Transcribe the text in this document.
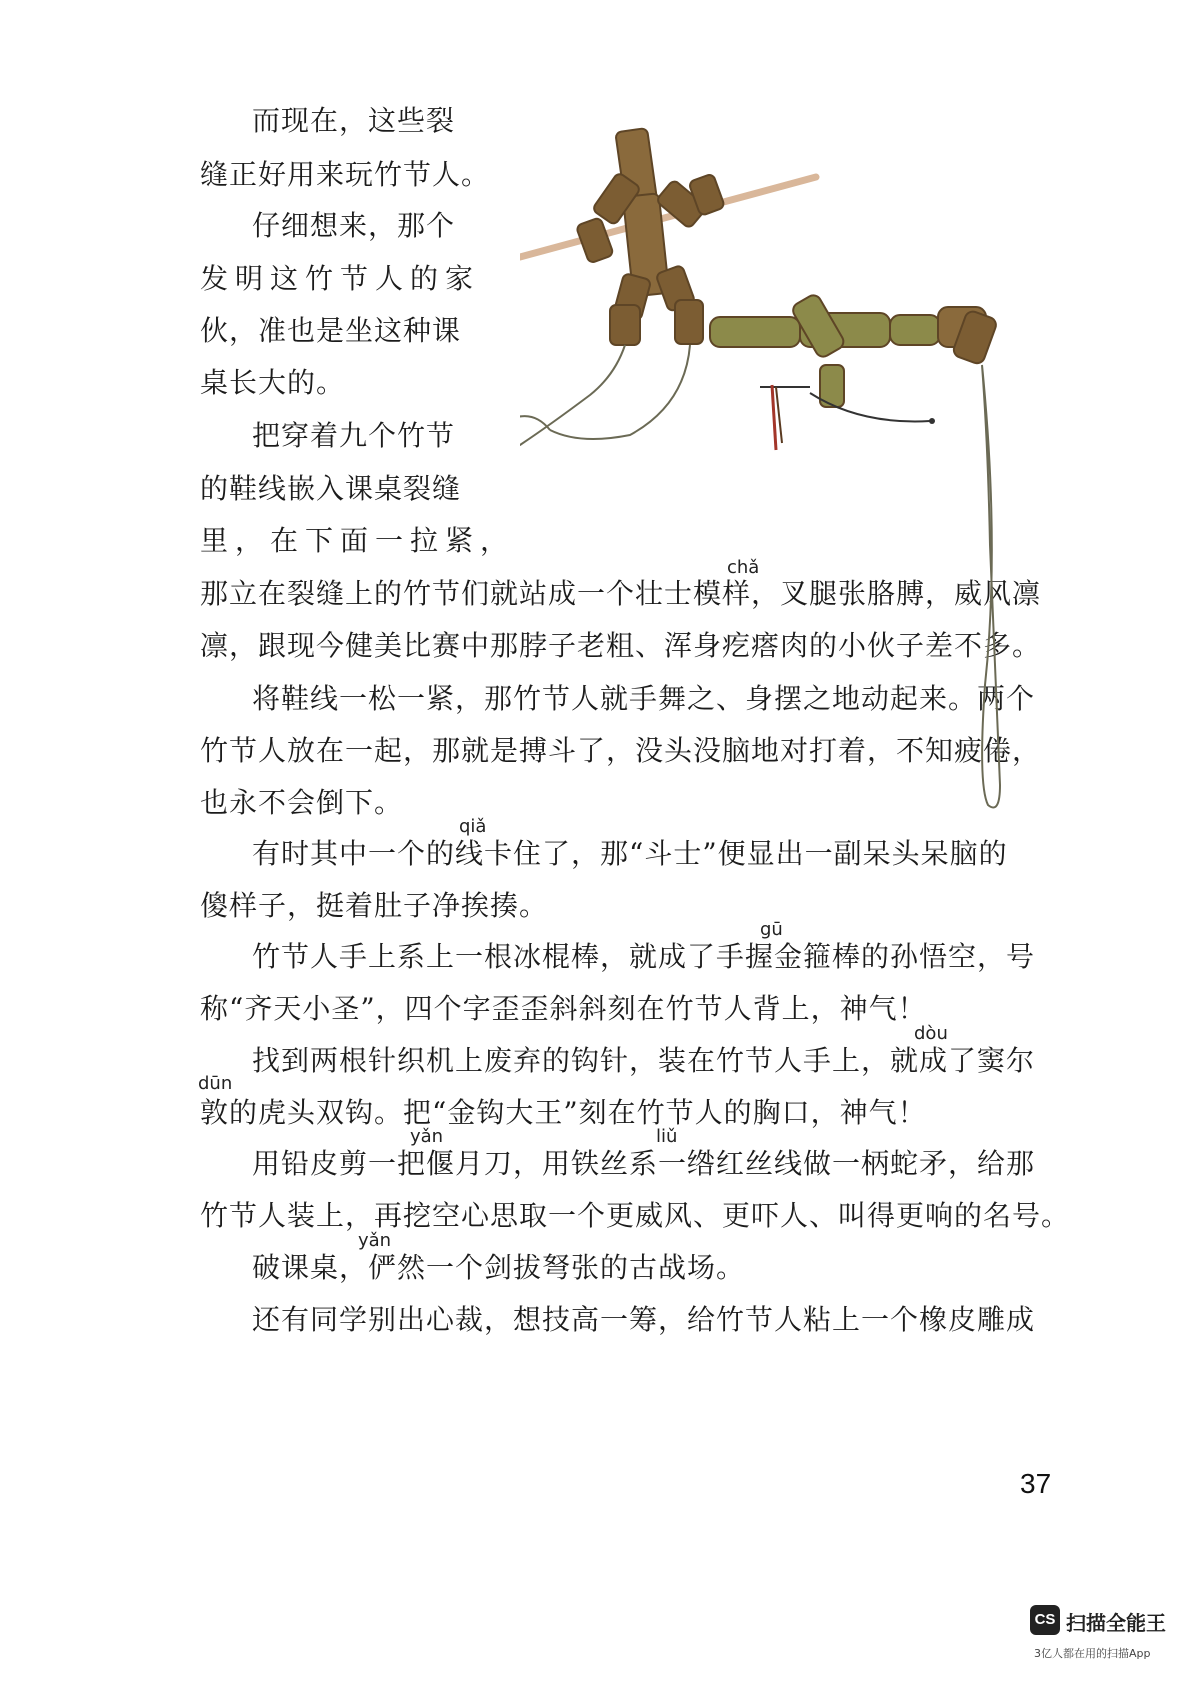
而现在，这些裂
缝正好用来玩竹节人。
仔细想来，那个
发明这竹节人的家
伙，准也是坐这种课
桌长大的。
把穿着九个竹节
的鞋线嵌入课桌裂缝
里，在下面一拉紧，
chǎ
那立在裂缝上的竹节们就站成一个壮士模样，叉腿张胳膊，威风凛
凛，跟现今健美比赛中那脖子老粗、浑身疙瘩肉的小伙子差不多。
将鞋线一松一紧，那竹节人就手舞之、身摆之地动起来。两个
竹节人放在一起，那就是搏斗了，没头没脑地对打着，不知疲倦，
也永不会倒下。
qiǎ
有时其中一个的线卡住了，那“斗士”便显出一副呆头呆脑的
傻样子，挺着肚子净挨揍。
gū
竹节人手上系上一根冰棍棒，就成了手握金箍棒的孙悟空，号
称“齐天小圣”，四个字歪歪斜斜刻在竹节人背上，神气！
dòu
找到两根针织机上废弃的钩针，装在竹节人手上，就成了窦尔
dūn
敦的虎头双钩。把“金钩大王”刻在竹节人的胸口，神气！
yǎn	liǔ
用铅皮剪一把偃月刀，用铁丝系一绺红丝线做一柄蛇矛，给那
竹节人装上，再挖空心思取一个更威风、更吓人、叫得更响的名号。
yǎn
破课桌，俨然一个剑拔弩张的古战场。
还有同学别出心裁，想技高一筹，给竹节人粘上一个橡皮雕成
37
CS 扫描全能王
3亿人都在用的扫描App
